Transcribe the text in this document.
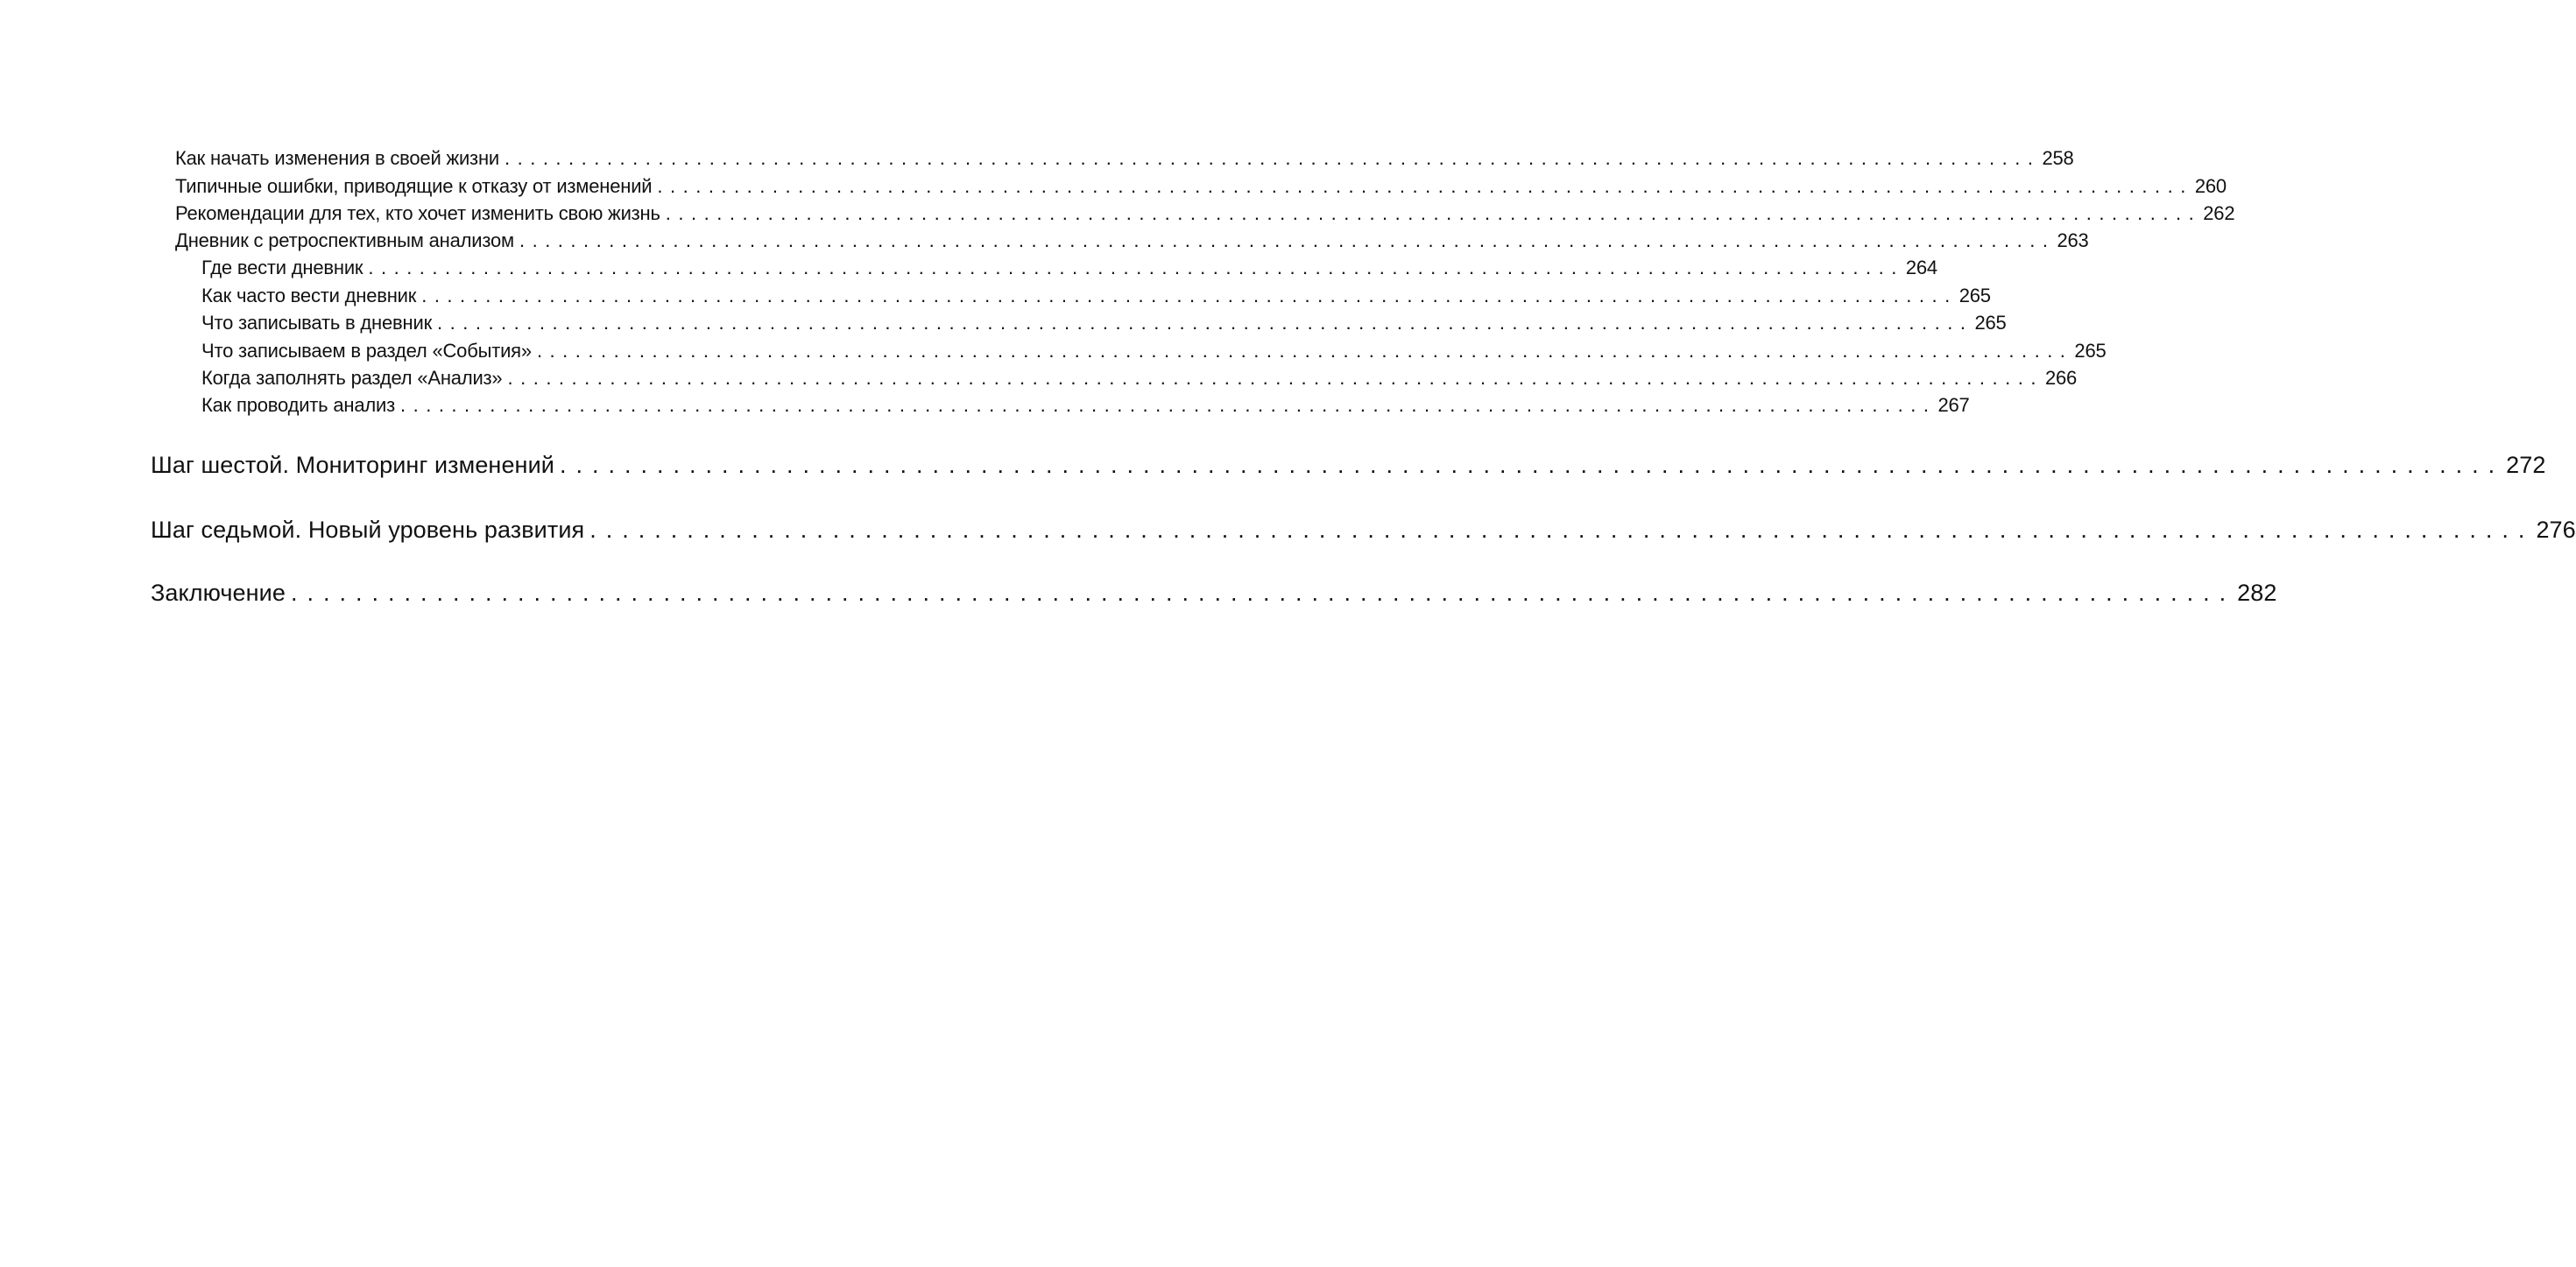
Как начать изменения в своей жизни ........................................................................................................................ 258
Типичные ошибки, приводящие к отказу от изменений ........................................................................................................................ 260
Рекомендации для тех, кто хочет изменить свою жизнь ........................................................................................................................ 262
Дневник с ретроспективным анализом ........................................................................................................................ 263
Где вести дневник ........................................................................................................................ 264
Как часто вести дневник ........................................................................................................................ 265
Что записывать в дневник ........................................................................................................................ 265
Что записываем в раздел «События» ........................................................................................................................ 265
Когда заполнять раздел «Анализ» ........................................................................................................................ 266
Как проводить анализ ........................................................................................................................ 267
Шаг шестой. Мониторинг изменений ........................................................................................................................ 272
Шаг седьмой. Новый уровень развития ........................................................................................................................ 276
Заключение ........................................................................................................................ 282
